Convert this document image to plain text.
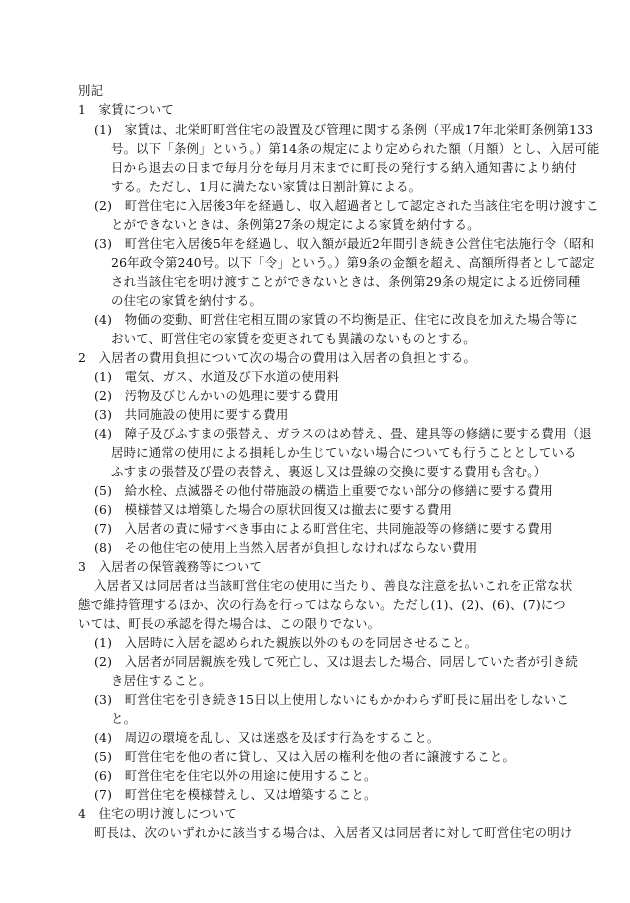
別記
1　家賃について
(1)　家賃は、北栄町町営住宅の設置及び管理に関する条例（平成17年北栄町条例第133
号。以下「条例」という。）第14条の規定により定められた額（月額）とし、入居可能
日から退去の日まで毎月分を毎月月末までに町長の発行する納入通知書により納付
する。ただし、1月に満たない家賃は日割計算による。
(2)　町営住宅に入居後3年を経過し、収入超過者として認定された当該住宅を明け渡すこ
とができないときは、条例第27条の規定による家賃を納付する。
(3)　町営住宅入居後5年を経過し、収入額が最近2年間引き続き公営住宅法施行令（昭和
26年政令第240号。以下「令」という。）第9条の金額を超え、高額所得者として認定
され当該住宅を明け渡すことができないときは、条例第29条の規定による近傍同種
の住宅の家賃を納付する。
(4)　物価の変動、町営住宅相互間の家賃の不均衡是正、住宅に改良を加えた場合等に
おいて、町営住宅の家賃を変更されても異議のないものとする。
2　入居者の費用負担について次の場合の費用は入居者の負担とする。
(1)　電気、ガス、水道及び下水道の使用料
(2)　汚物及びじんかいの処理に要する費用
(3)　共同施設の使用に要する費用
(4)　障子及びふすまの張替え、ガラスのはめ替え、畳、建具等の修繕に要する費用（退
居時に通常の使用による損耗しか生じていない場合についても行うこととしている
ふすまの張替及び畳の表替え、裏返し又は畳線の交換に要する費用も含む。）
(5)　給水栓、点滅器その他付帯施設の構造上重要でない部分の修繕に要する費用
(6)　模様替又は増築した場合の原状回復又は撤去に要する費用
(7)　入居者の責に帰すべき事由による町営住宅、共同施設等の修繕に要する費用
(8)　その他住宅の使用上当然入居者が負担しなければならない費用
3　入居者の保管義務等について
入居者又は同居者は当該町営住宅の使用に当たり、善良な注意を払いこれを正常な状
態で維持管理するほか、次の行為を行ってはならない。ただし(1)、(2)、(6)、(7)につ
いては、町長の承認を得た場合は、この限りでない。
(1)　入居時に入居を認められた親族以外のものを同居させること。
(2)　入居者が同居親族を残して死亡し、又は退去した場合、同居していた者が引き続
き居住すること。
(3)　町営住宅を引き続き15日以上使用しないにもかかわらず町長に届出をしないこ
と。
(4)　周辺の環境を乱し、又は迷惑を及ぼす行為をすること。
(5)　町営住宅を他の者に貸し、又は入居の権利を他の者に譲渡すること。
(6)　町営住宅を住宅以外の用途に使用すること。
(7)　町営住宅を模様替えし、又は増築すること。
4　住宅の明け渡しについて
町長は、次のいずれかに該当する場合は、入居者又は同居者に対して町営住宅の明け
